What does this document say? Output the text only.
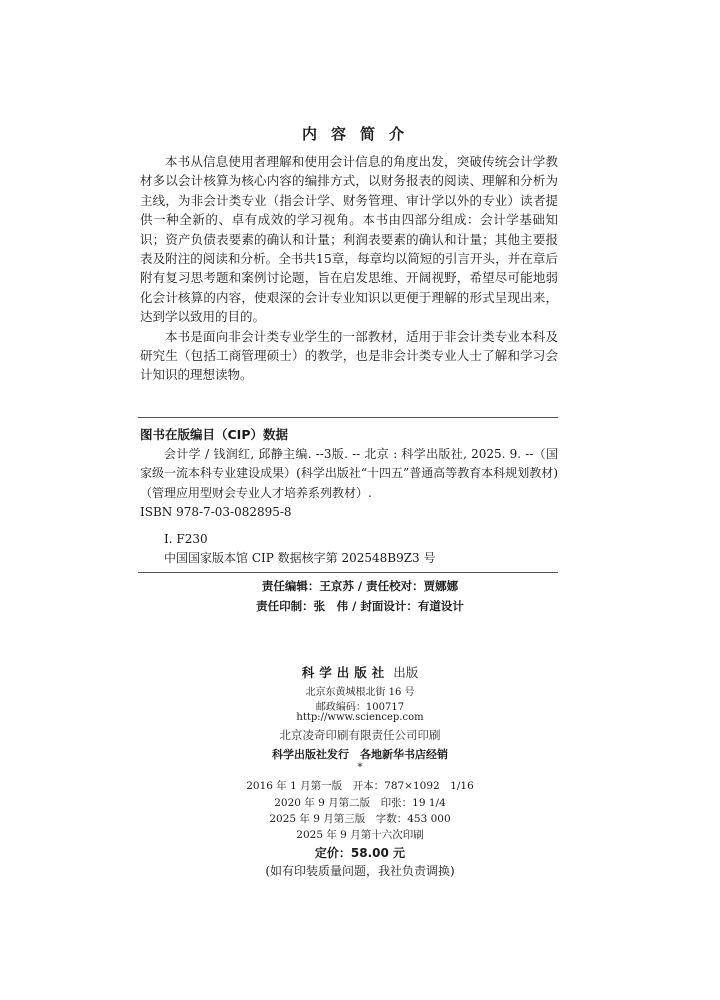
内容简介

本书从信息使用者理解和使用会计信息的角度出发，突破传统会计学教材多以会计核算为核心内容的编排方式，以财务报表的阅读、理解和分析为主线，为非会计类专业（指会计学、财务管理、审计学以外的专业）读者提供一种全新的、卓有成效的学习视角。本书由四部分组成：会计学基础知识；资产负债表要素的确认和计量；利润表要素的确认和计量；其他主要报表及附注的阅读和分析。全书共15章，每章均以简短的引言开头，并在章后附有复习思考题和案例讨论题，旨在启发思维、开阔视野，希望尽可能地弱化会计核算的内容，使艰深的会计专业知识以更便于理解的形式呈现出来，达到学以致用的目的。

本书是面向非会计类专业学生的一部教材，适用于非会计类专业本科及研究生（包括工商管理硕士）的教学，也是非会计类专业人士了解和学习会计知识的理想读物。

图书在版编目（CIP）数据

会计学 / 钱润红, 邱静主编. --3版. -- 北京 : 科学出版社, 2025. 9. --（国家级一流本科专业建设成果）(科学出版社“十四五”普通高等教育本科规划教材)（管理应用型财会专业人才培养系列教材）.

ISBN 978-7-03-082895-8

Ⅰ. F230

中国国家版本馆 CIP 数据核字第 202548B9Z3 号

责任编辑：王京苏 / 责任校对：贾娜娜
责任印制：张　伟 / 封面设计：有道设计
科学出版社 出版
北京东黄城根北街 16 号
邮政编码：100717
http://www.sciencep.com
北京凌奇印刷有限责任公司印刷
科学出版社发行　各地新华书店经销
*
2016 年 1 月第一版　开本：787×1092　1/16
2020 年 9 月第二版　印张：19 1/4
2025 年 9 月第三版　字数：453 000
2025 年 9 月第十六次印刷
定价：58.00 元
(如有印装质量问题，我社负责调换)
